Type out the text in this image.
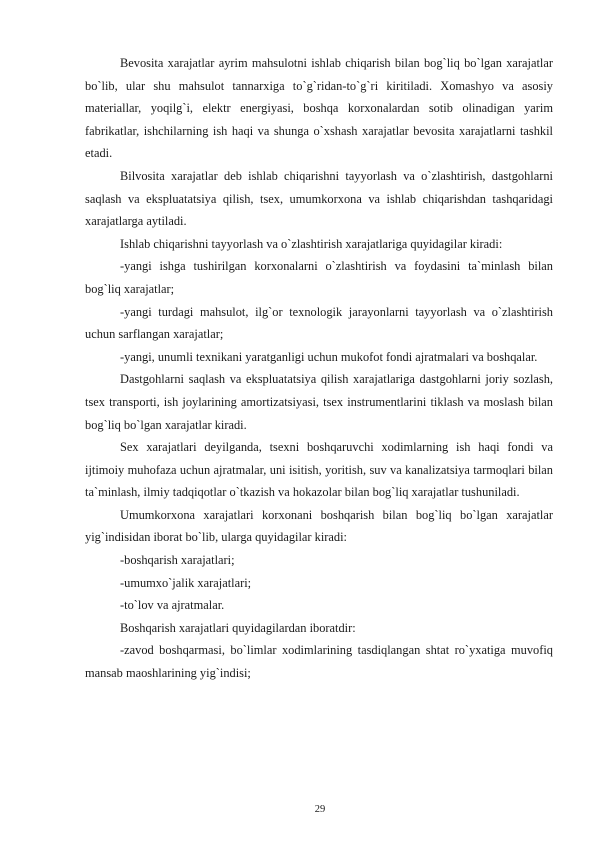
Bevosita xarajatlar ayrim mahsulotni ishlab chiqarish bilan bog`liq bo`lgan xarajatlar bo`lib, ular shu mahsulot tannarxiga to`g`ridan-to`g`ri kiritiladi. Xomashyo va asosiy materiallar, yoqilg`i, elektr energiyasi, boshqa korxonalardan sotib olinadigan yarim fabrikatlar, ishchilarning ish haqi va shunga o`xshash xarajatlar bevosita xarajatlarni tashkil etadi.

Bilvosita xarajatlar deb ishlab chiqarishni tayyorlash va o`zlashtirish, dastgohlarni saqlash va ekspluatatsiya qilish, tsex, umumkorxona va ishlab chiqarishdan tashqaridagi xarajatlarga aytiladi.

Ishlab chiqarishni tayyorlash va o`zlashtirish xarajatlariga quyidagilar kiradi:

-yangi ishga tushirilgan korxonalarni o`zlashtirish va foydasini ta`minlash bilan bog`liq xarajatlar;

-yangi turdagi mahsulot, ilg`or texnologik jarayonlarni tayyorlash va o`zlashtirish uchun sarflangan xarajatlar;

-yangi, unumli texnikani yaratganligi uchun mukofot fondi ajratmalari va boshqalar.

Dastgohlarni saqlash va ekspluatatsiya qilish xarajatlariga dastgohlarni joriy sozlash, tsex transporti, ish joylarining amortizatsiyasi, tsex instrumentlarini tiklash va moslash bilan bog`liq bo`lgan xarajatlar kiradi.

Sex xarajatlari deyilganda, tsexni boshqaruvchi xodimlarning ish haqi fondi va ijtimoiy muhofaza uchun ajratmalar, uni isitish, yoritish, suv va kanalizatsiya tarmoqlari bilan ta`minlash, ilmiy tadqiqotlar o`tkazish va hokazolar bilan bog`liq xarajatlar tushuniladi.

Umumkorxona xarajatlari korxonani boshqarish bilan bog`liq bo`lgan xarajatlar yig`indisidan iborat bo`lib, ularga quyidagilar kiradi:

-boshqarish xarajatlari;

-umumxo`jalik xarajatlari;

-to`lov va ajratmalar.

Boshqarish xarajatlari quyidagilardan iboratdir:

-zavod boshqarmasi, bo`limlar xodimlarining tasdiqlangan shtat ro`yxatiga muvofiq mansab maoshlarining yig`indisi;

29
